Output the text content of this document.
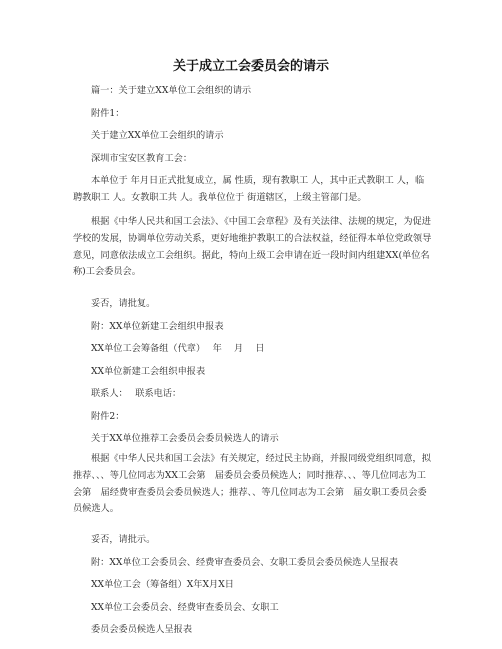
关于成立工会委员会的请示
篇一：关于建立XX单位工会组织的请示
附件1：
关于建立XX单位工会组织的请示
深圳市宝安区教育工会：
本单位于 年月日正式批复成立，属 性质，现有教职工 人，其中正式教职工 人，临聘教职工 人。女教职工共 人。我单位位于 街道辖区，上级主管部门是。
根据《中华人民共和国工会法》、《中国工会章程》及有关法律、法规的规定，为促进学校的发展，协调单位劳动关系，更好地维护教职工的合法权益，经征得本单位党政领导意见，同意依法成立工会组织。据此，特向上级工会申请在近一段时间内组建XX(单位名称)工会委员会。
妥否，请批复。
附：XX单位新建工会组织申报表
XX单位工会筹备组（代章）　 年　 月　 日
XX单位新建工会组织申报表
联系人：　 联系电话：
附件2：
关于XX单位推荐工会委员会委员候选人的请示
根据《中华人民共和国工会法》有关规定，经过民主协商，并报同级党组织同意，拟推荐、、、等几位同志为XX工会第　届委员会委员候选人；同时推荐、、、等几位同志为工会第　届经费审查委员会委员候选人；推荐、、等几位同志为工会第　届女职工委员会委员候选人。
妥否，请批示。
附：XX单位工会委员会、经费审查委员会、女职工委员会委员候选人呈报表
XX单位工会（筹备组）X年X月X日
XX单位工会委员会、经费审查委员会、女职工
委员会委员候选人呈报表
